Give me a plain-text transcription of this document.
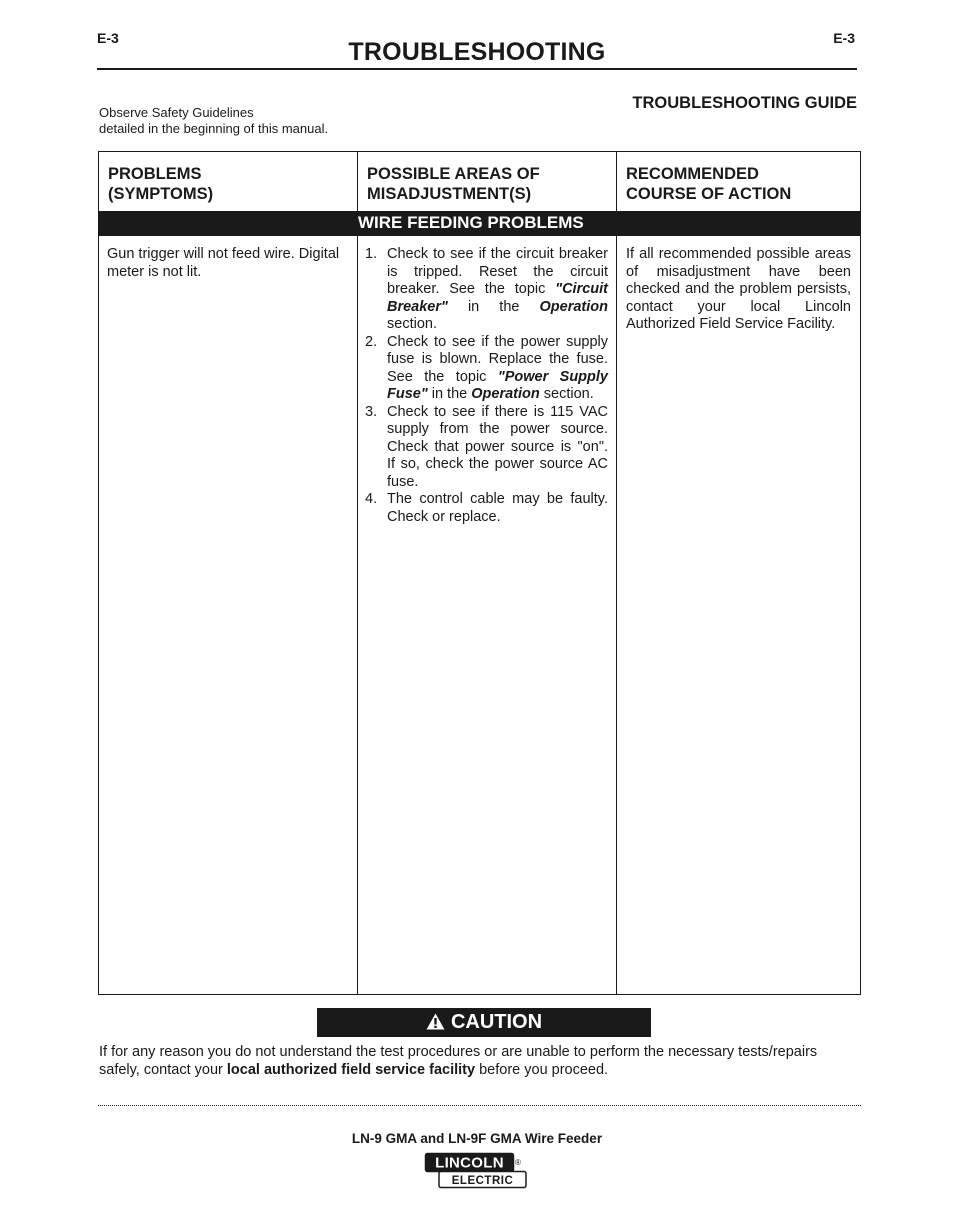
E-3	E-3
TROUBLESHOOTING
Observe Safety Guidelines
detailed in the beginning of this manual.
TROUBLESHOOTING GUIDE
PROBLEMS
(SYMPTOMS)
POSSIBLE AREAS OF
MISADJUSTMENT(S)
RECOMMENDED
COURSE OF ACTION
WIRE FEEDING PROBLEMS
Gun trigger will not feed wire. Digital meter is not lit.
1. Check to see if the circuit breaker is tripped. Reset the circuit breaker. See the topic "Circuit Breaker" in the Operation section.
2. Check to see if the power supply fuse is blown. Replace the fuse. See the topic "Power Supply Fuse" in the Operation section.
3. Check to see if there is 115 VAC supply from the power source. Check that power source is "on". If so, check the power source AC fuse.
4. The control cable may be faulty. Check or replace.
If all recommended possible areas of misadjustment have been checked and the problem persists, contact your local Lincoln Authorized Field Service Facility.
CAUTION
If for any reason you do not understand the test procedures or are unable to perform the necessary tests/repairs safely, contact your local authorized field service facility before you proceed.
LN-9 GMA and LN-9F GMA Wire Feeder
LINCOLN ®
ELECTRIC
